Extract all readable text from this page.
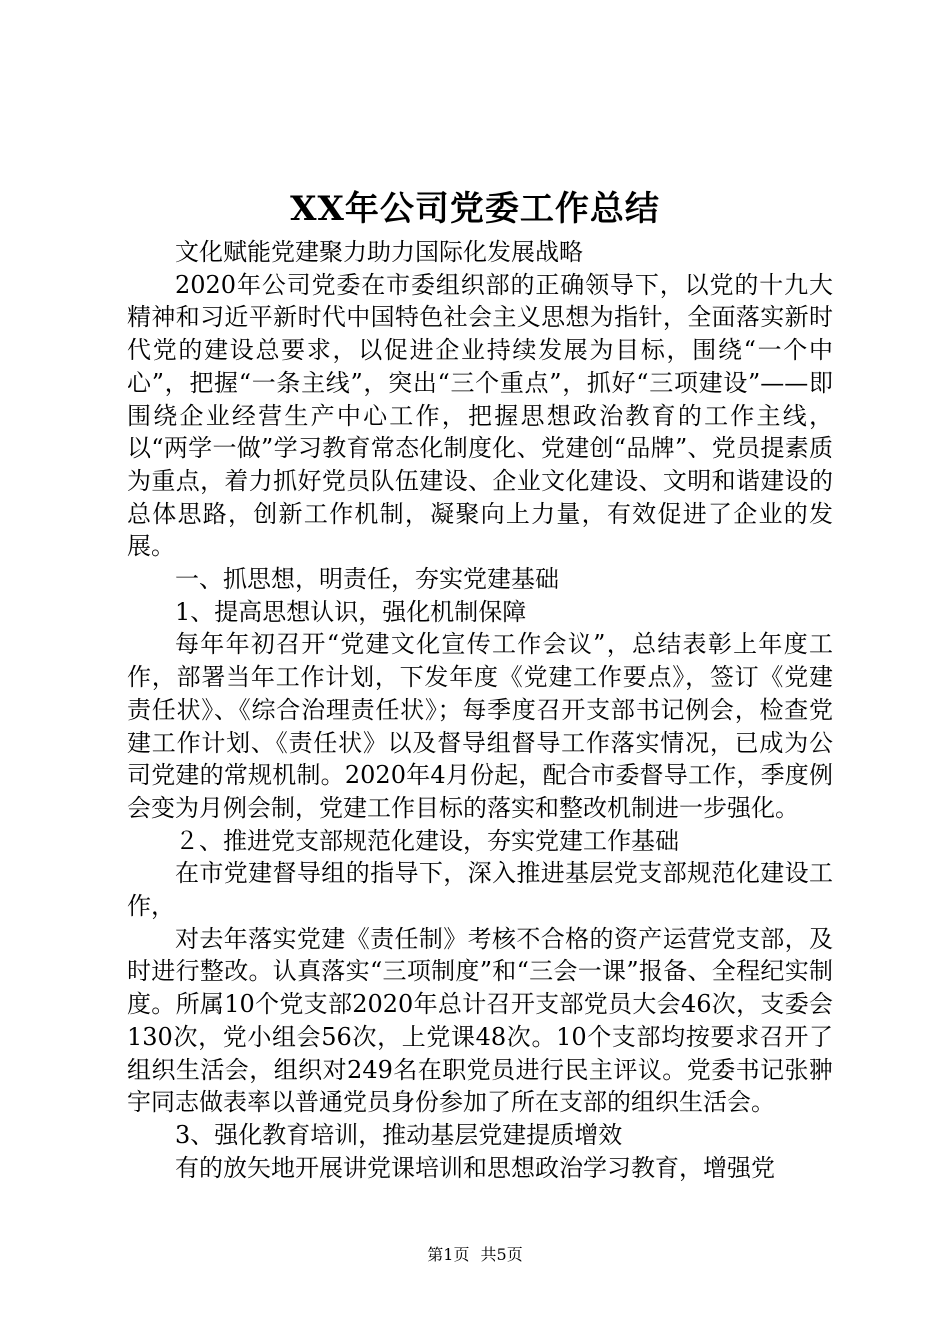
XX年公司党委工作总结

文化赋能党建聚力助力国际化发展战略

2020年公司党委在市委组织部的正确领导下，以党的十九大精神和习近平新时代中国特色社会主义思想为指针，全面落实新时代党的建设总要求，以促进企业持续发展为目标，围绕“一个中心”，把握“一条主线”，突出“三个重点”，抓好“三项建设”——即围绕企业经营生产中心工作，把握思想政治教育的工作主线，以“两学一做”学习教育常态化制度化、党建创“品牌”、党员提素质为重点，着力抓好党员队伍建设、企业文化建设、文明和谐建设的总体思路，创新工作机制，凝聚向上力量，有效促进了企业的发展。

一、抓思想，明责任，夯实党建基础

1、提高思想认识，强化机制保障

每年年初召开“党建文化宣传工作会议”，总结表彰上年度工作，部署当年工作计划，下发年度《党建工作要点》，签订《党建责任状》、《综合治理责任状》；每季度召开支部书记例会，检查党建工作计划、《责任状》以及督导组督导工作落实情况，已成为公司党建的常规机制。2020年4月份起，配合市委督导工作，季度例会变为月例会制，党建工作目标的落实和整改机制进一步强化。

２、推进党支部规范化建设，夯实党建工作基础

在市党建督导组的指导下，深入推进基层党支部规范化建设工作，

对去年落实党建《责任制》考核不合格的资产运营党支部，及时进行整改。认真落实“三项制度”和“三会一课”报备、全程纪实制度。所属10个党支部2020年总计召开支部党员大会46次，支委会130次，党小组会56次，上党课48次。10个支部均按要求召开了组织生活会，组织对249名在职党员进行民主评议。党委书记张翀宇同志做表率以普通党员身份参加了所在支部的组织生活会。

3、强化教育培训，推动基层党建提质增效

有的放矢地开展讲党课培训和思想政治学习教育，增强党

第1页 共5页
